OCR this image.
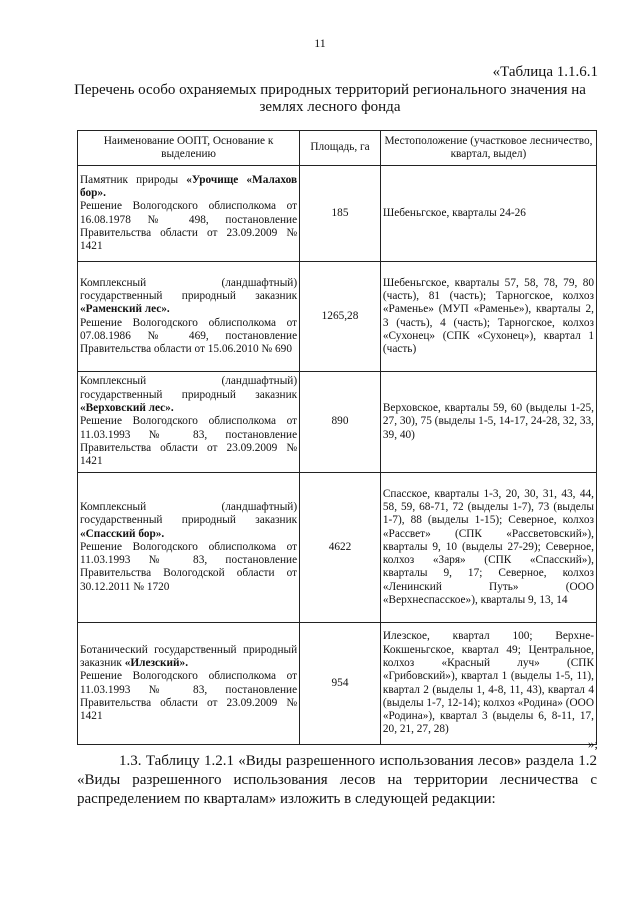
11
«Таблица 1.1.6.1
Перечень особо охраняемых природных территорий регионального значения на землях лесного фонда
Наименование ООПТ, Основание к выделению	Площадь, га	Местоположение (участковое лесничество, квартал, выдел)
Памятник природы «Урочище «Малахов бор».
Решение Вологодского облисполкома от 16.08.1978 № 498, постановление Правительства области от 23.09.2009 № 1421	185	Шебеньгское, кварталы 24-26
Комплексный (ландшафтный) государственный природный заказник «Раменский лес».
Решение Вологодского облисполкома от 07.08.1986 № 469, постановление Правительства области от 15.06.2010 № 690	1265,28	Шебеньгское, кварталы 57, 58, 78, 79, 80 (часть), 81 (часть); Тарногское, колхоз «Раменье» (МУП «Раменье»), кварталы 2, 3 (часть), 4 (часть); Тарногское, колхоз «Сухонец» (СПК «Сухонец»), квартал 1 (часть)
Комплексный (ландшафтный) государственный природный заказник «Верховский лес».
Решение Вологодского облисполкома от 11.03.1993 № 83, постановление Правительства области от 23.09.2009 № 1421	890	Верховское, кварталы 59, 60 (выделы 1-25, 27, 30), 75 (выделы 1-5, 14-17, 24-28, 32, 33, 39, 40)
Комплексный (ландшафтный) государственный природный заказник «Спасский бор».
Решение Вологодского облисполкома от 11.03.1993 № 83, постановление Правительства Вологодской области от 30.12.2011 № 1720	4622	Спасское, кварталы 1-3, 20, 30, 31, 43, 44, 58, 59, 68-71, 72 (выделы 1-7), 73 (выделы 1-7), 88 (выделы 1-15); Северное, колхоз «Рассвет» (СПК «Рассветовский»), кварталы 9, 10 (выделы 27-29); Северное, колхоз «Заря» (СПК «Спасский»), кварталы 9, 17; Северное, колхоз «Ленинский Путь» (ООО «Верхнеспасское»), кварталы 9, 13, 14
Ботанический государственный природный заказник «Илезский».
Решение Вологодского облисполкома от 11.03.1993 № 83, постановление Правительства области от 23.09.2009 № 1421	954	Илезское, квартал 100; Верхне-Кокшеньгское, квартал 49; Центральное, колхоз «Красный луч» (СПК «Грибовский»), квартал 1 (выделы 1-5, 11), квартал 2 (выделы 1, 4-8, 11, 43), квартал 4 (выделы 1-7, 12-14); колхоз «Родина» (ООО «Родина»), квартал 3 (выделы 6, 8-11, 17, 20, 21, 27, 28)
»;
1.3. Таблицу 1.2.1 «Виды разрешенного использования лесов» раздела 1.2 «Виды разрешенного использования лесов на территории лесничества с распределением по кварталам» изложить в следующей редакции:
